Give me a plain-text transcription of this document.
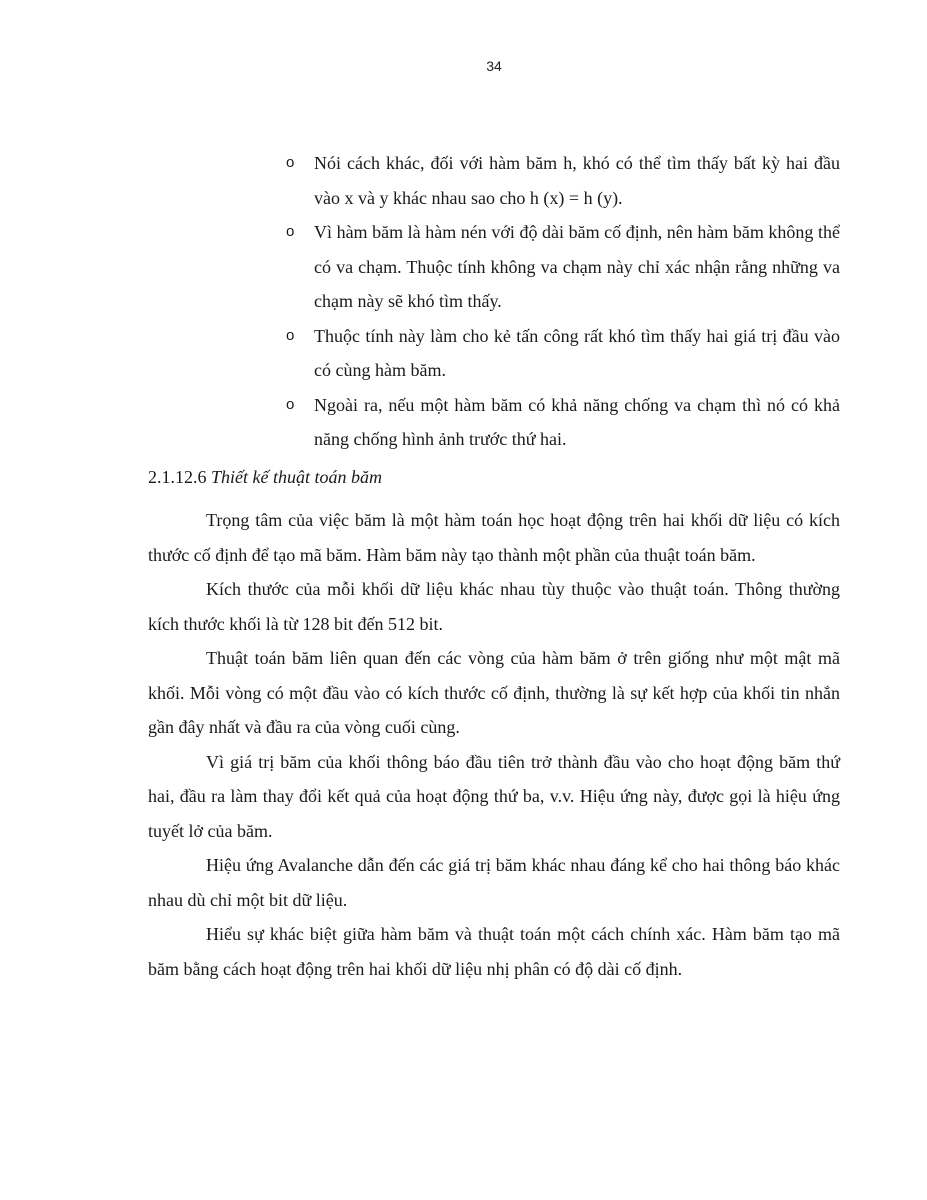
34
o Nói cách khác, đối với hàm băm h, khó có thể tìm thấy bất kỳ hai đầu vào x và y khác nhau sao cho h (x) = h (y).
o Vì hàm băm là hàm nén với độ dài băm cố định, nên hàm băm không thể có va chạm. Thuộc tính không va chạm này chỉ xác nhận rằng những va chạm này sẽ khó tìm thấy.
o Thuộc tính này làm cho kẻ tấn công rất khó tìm thấy hai giá trị đầu vào có cùng hàm băm.
o Ngoài ra, nếu một hàm băm có khả năng chống va chạm thì nó có khả năng chống hình ảnh trước thứ hai.
2.1.12.6 Thiết kế thuật toán băm

Trọng tâm của việc băm là một hàm toán học hoạt động trên hai khối dữ liệu có kích thước cố định để tạo mã băm. Hàm băm này tạo thành một phần của thuật toán băm.

Kích thước của mỗi khối dữ liệu khác nhau tùy thuộc vào thuật toán. Thông thường kích thước khối là từ 128 bit đến 512 bit.

Thuật toán băm liên quan đến các vòng của hàm băm ở trên giống như một mật mã khối. Mỗi vòng có một đầu vào có kích thước cố định, thường là sự kết hợp của khối tin nhắn gần đây nhất và đầu ra của vòng cuối cùng.

Vì giá trị băm của khối thông báo đầu tiên trở thành đầu vào cho hoạt động băm thứ hai, đầu ra làm thay đổi kết quả của hoạt động thứ ba, v.v. Hiệu ứng này, được gọi là hiệu ứng tuyết lở của băm.

Hiệu ứng Avalanche dẫn đến các giá trị băm khác nhau đáng kể cho hai thông báo khác nhau dù chỉ một bit dữ liệu.

Hiểu sự khác biệt giữa hàm băm và thuật toán một cách chính xác. Hàm băm tạo mã băm bằng cách hoạt động trên hai khối dữ liệu nhị phân có độ dài cố định.
